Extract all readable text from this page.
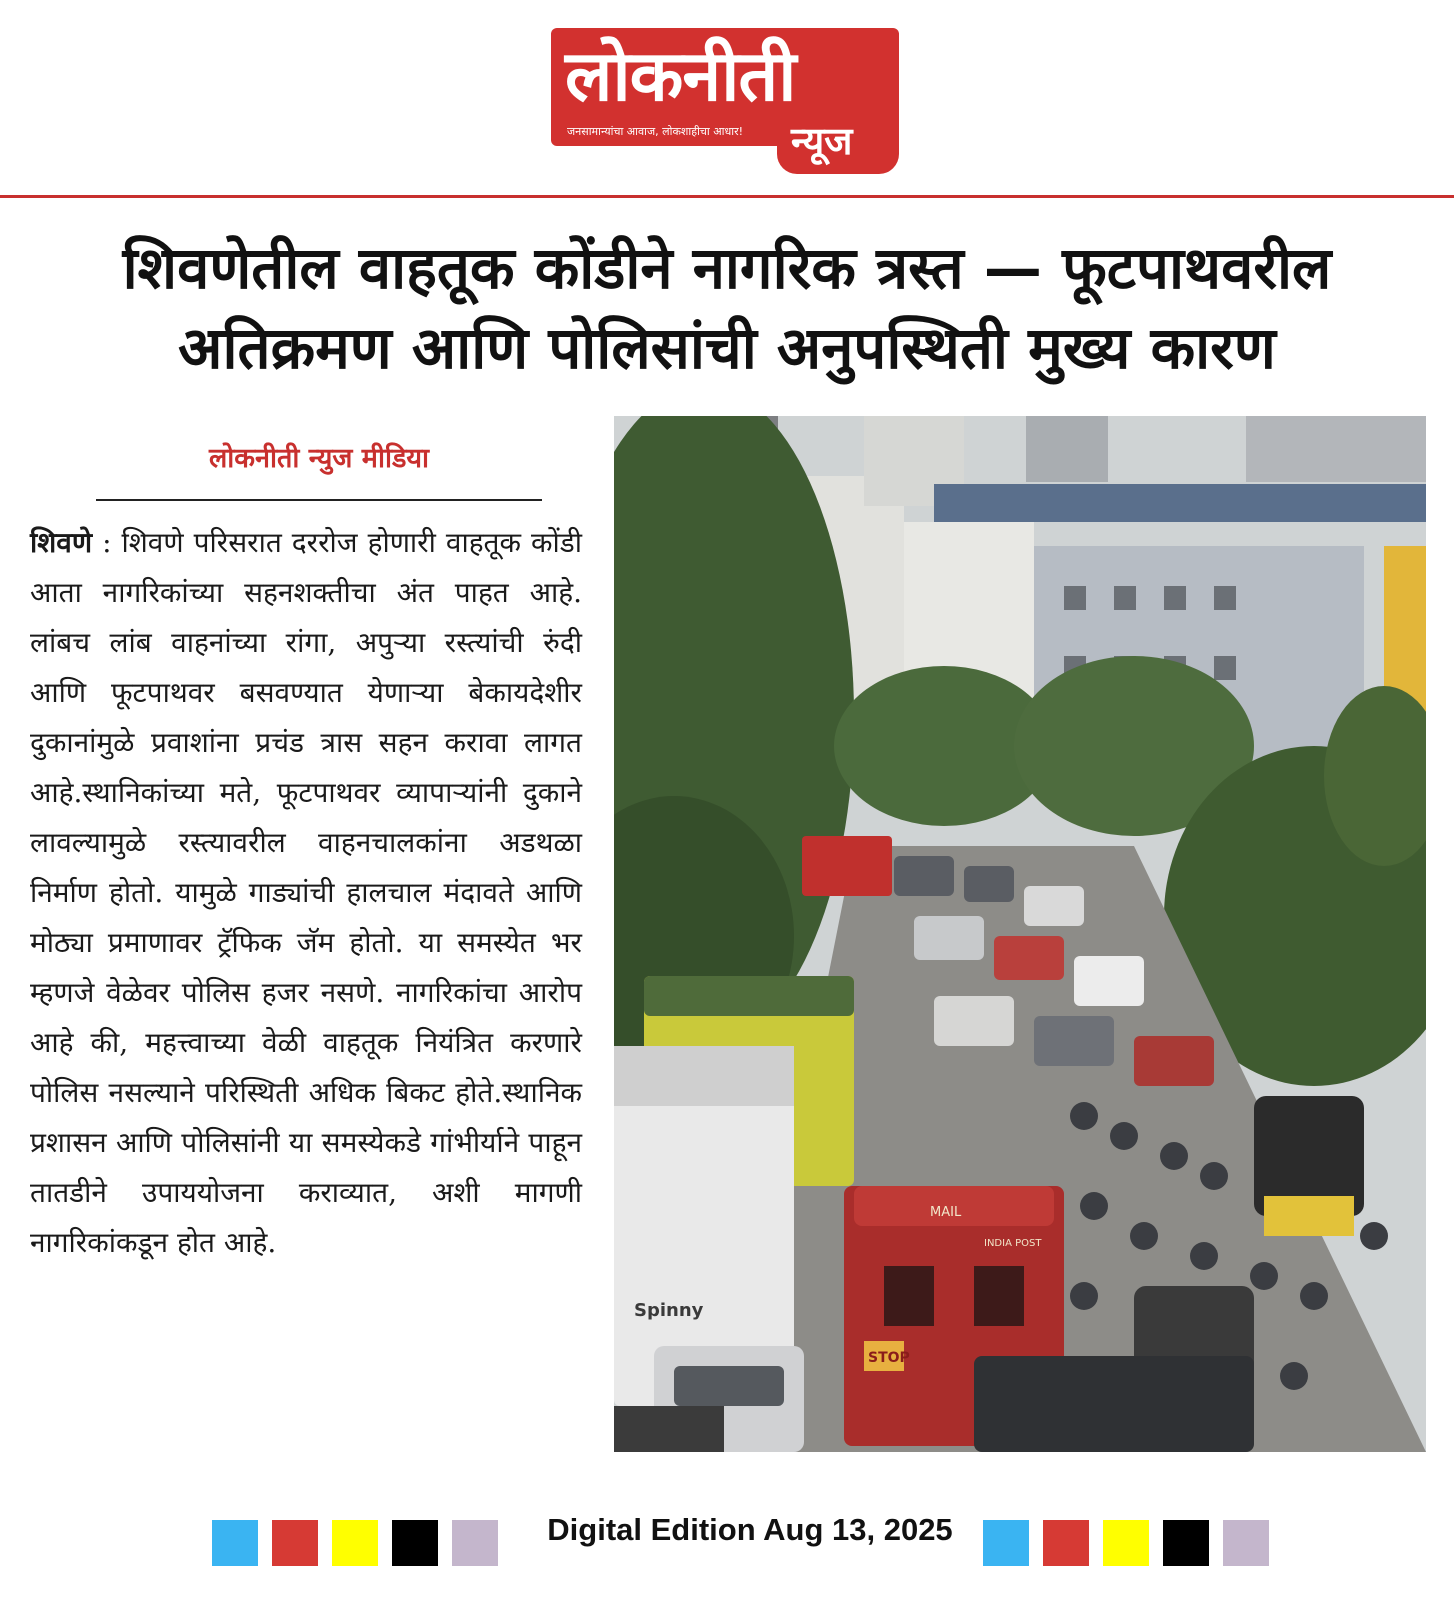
लोकनीती
जनसामान्यांचा आवाज, लोकशाहीचा आधार! न्यूज
शिवणेतील वाहतूक कोंडीने नागरिक त्रस्त — फूटपाथवरील
अतिक्रमण आणि पोलिसांची अनुपस्थिती मुख्य कारण
लोकनीती न्युज मीडिया
शिवणे : शिवणे परिसरात दररोज होणारी वाहतूक कोंडी आता नागरिकांच्या सहनशक्तीचा अंत पाहत आहे. लांबच लांब वाहनांच्या रांगा, अपुऱ्या रस्त्यांची रुंदी आणि फूटपाथवर बसवण्यात येणाऱ्या बेकायदेशीर दुकानांमुळे प्रवाशांना प्रचंड त्रास सहन करावा लागत आहे.स्थानिकांच्या मते, फूटपाथवर व्यापाऱ्यांनी दुकाने लावल्यामुळे रस्त्यावरील वाहनचालकांना अडथळा निर्माण होतो. यामुळे गाड्यांची हालचाल मंदावते आणि मोठ्या प्रमाणावर ट्रॅफिक जॅम होतो. या समस्येत भर म्हणजे वेळेवर पोलिस हजर नसणे. नागरिकांचा आरोप आहे की, महत्त्वाच्या वेळी वाहतूक नियंत्रित करणारे पोलिस नसल्याने परिस्थिती अधिक बिकट होते.स्थानिक प्रशासन आणि पोलिसांनी या समस्येकडे गांभीर्याने पाहून तातडीने उपाययोजना कराव्यात, अशी मागणी नागरिकांकडून होत आहे.
Spinny
MAIL
INDIA POST
STOP
Digital Edition Aug 13, 2025
